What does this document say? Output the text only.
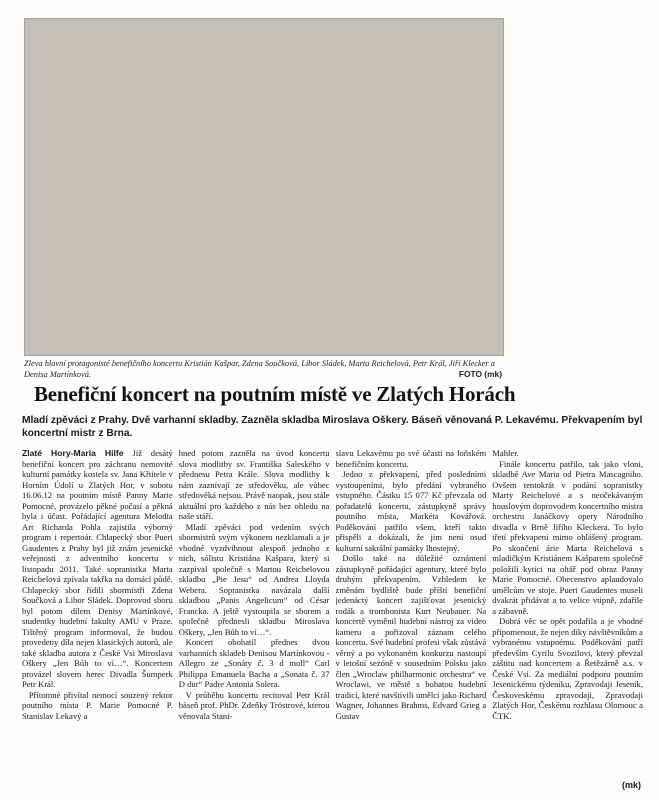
Zleva hlavní protagonisté benefičního koncertu Kristián Kašpar, Zdena Součková, Libor Sládek, Marta Reichelová, Petr Král, Jiří Klecker a Denisa Martínková.	FOTO (mk)
Benefiční koncert na poutním místě ve Zlatých Horách
Mladí zpěváci z Prahy. Dvě varhanní skladby. Zazněla skladba Miroslava Oškery. Báseň věnovaná P. Lekavému. Překvapením byl koncertní mistr z Brna.

Zlaté Hory-Maria Hilfe Již desátý benefiční koncert pro záchranu nemovité kulturní památky kostela sv. Jana Křtitele v Horním Údolí u Zlatých Hor, v sobotu 16.06.12 na poutním místě Panny Marie Pomocné, provázelo pěkné počasí a pěkná byla i účast. Pořádající agentura Melodia Art Richarda Pohla zajistila výborný program i repertoár. Chlapecký sbor Pueri Gaudentes z Prahy byl již znám jesenické veřejnosti z adventního koncertu v listopadu 2011. Také sopranistka Marta Reichelová zpívala takřka na domácí půdě. Chlapecký sbor řídili sbormistři Zdena Součková a Libor Sládek. Doprovod sboru byl potom dílem Denisy Martínkové, studentky hudební fakulty AMU v Praze. Tištěný program informoval, že budou provedeny díla nejen klasických autorů, ale také skladba autora z České Vsi Miroslava Oškery „Jen Bůh to ví…“. Koncertem provázel slovem herec Divadla Šumperk Petr Král.

Přítomné přivítal nemocí souzený rektor poutního místa P. Marie Pomocné P. Stanislav Lekavý a

hned potom zazněla na úvod koncertu slova modlitby sv. Františka Saleského v přednesu Petra Krále. Slova modlitby k nám zaznívají ze středověku, ale vůbec středověká nejsou. Právě naopak, jsou stále aktuální pro každého z nás bez ohledu na naše stáří.

Mladí zpěváci pod vedením svých sbormistrů svým výkonem nezklamali a je vhodné vyzdvihnout alespoň jednoho z nich, sólistu Kristiána Kašpara, který si zazpíval společně s Martou Reichelovou skladbu „Pie Jesu“ od Andrea Lloyda Webera. Sopranistka navázala další skladbou „Panis Angelicum“ od César Francka. A ještě vystoupila se sborem a společně přednesli skladbu Miroslava Oškery, „Jen Bůh to ví…“.

Koncert obohatil přednes dvou varhanních skladeb Denisou Martínkovou - Allegro ze „Sonáty č. 3 d moll“ Carl Philippa Emanuela Bacha a „Sonata č. 37 D dur“ Padre Antonia Solera.

V průběhu koncertu recitoval Petr Král báseň prof. PhDr. Zdeňky Tröstrové, kterou věnovala Stani-

slavu Lekavému po své účasti na loňském benefičním koncertu.

Jedno z překvapení, před posledními vystoupeními, bylo předání vybraného vstupného. Částku 15 077 Kč převzala od pořadatelů koncertu, zástupkyně správy poutního místa, Markéta Kovářová. Poděkování patřilo všem, kteří takto přispěli a dokázali, že jim není osud kulturní sakrální památky lhostejný.

Došlo také na důležité oznámení zástupkyně pořádající agentury, které bylo druhým překvapením. Vzhledem ke změnám bydliště bude příští benefiční jedenáctý koncert zajišťovat jesenický rodák a trombonista Kurt Neubauer. Na koncertě vyměnil hudební nástroj za video kameru a pořizoval záznam celého koncertu. Své hudební profesi však zůstává věrný a po vykonaném konkurzu nastoupí v letošní sezóně v sousedním Polsku jako člen „Wroclaw philharmonic orchestra“ ve Wroclawi, ve městě s bohatou hudební tradicí, které navštívili umělci jako Richard Wagner, Johannes Brahms, Edvard Grieg a Gustav

Mahler.

Finále koncertu patřilo, tak jako vloni, skladbě Ave Maria od Pietra Mascagniho. Ovšem tentokrát v podání sopranistky Marty Reichelové a s neočekávaným houslovým doprovodem koncertního mistra orchestru Janáčkovy opery Národního divadla v Brně Jiřího Kleckera. To bylo třetí překvapení mimo ohlášený program. Po skončení árie Marta Reichelová s mladičkým Kristiánem Kašparem společně položili kytici na oltář pod obraz Panny Marie Pomocné. Obecenstvo aplaudovalo umělcům ve stoje. Pueri Gaudentes museli dvakrát přidávat a to velice vtipně, zdařile a zábavně.

Dobrá věc se opět podařila a je vhodné připomenout, že nejen díky návštěvníkům a vybranému vstupnému. Poděkování patří především Cyrilu Svozilovi, který převzal záštitu nad koncertem a Řetězárně a.s. v České Vsi. Za mediální podporu poutním Jesenickému týdeníku, Zpravodaji Jeseník, Českoveskému zpravodaji, Zpravodaji Zlatých Hor, Českému rozhlasu Olomouc a ČTK.

(mk)
